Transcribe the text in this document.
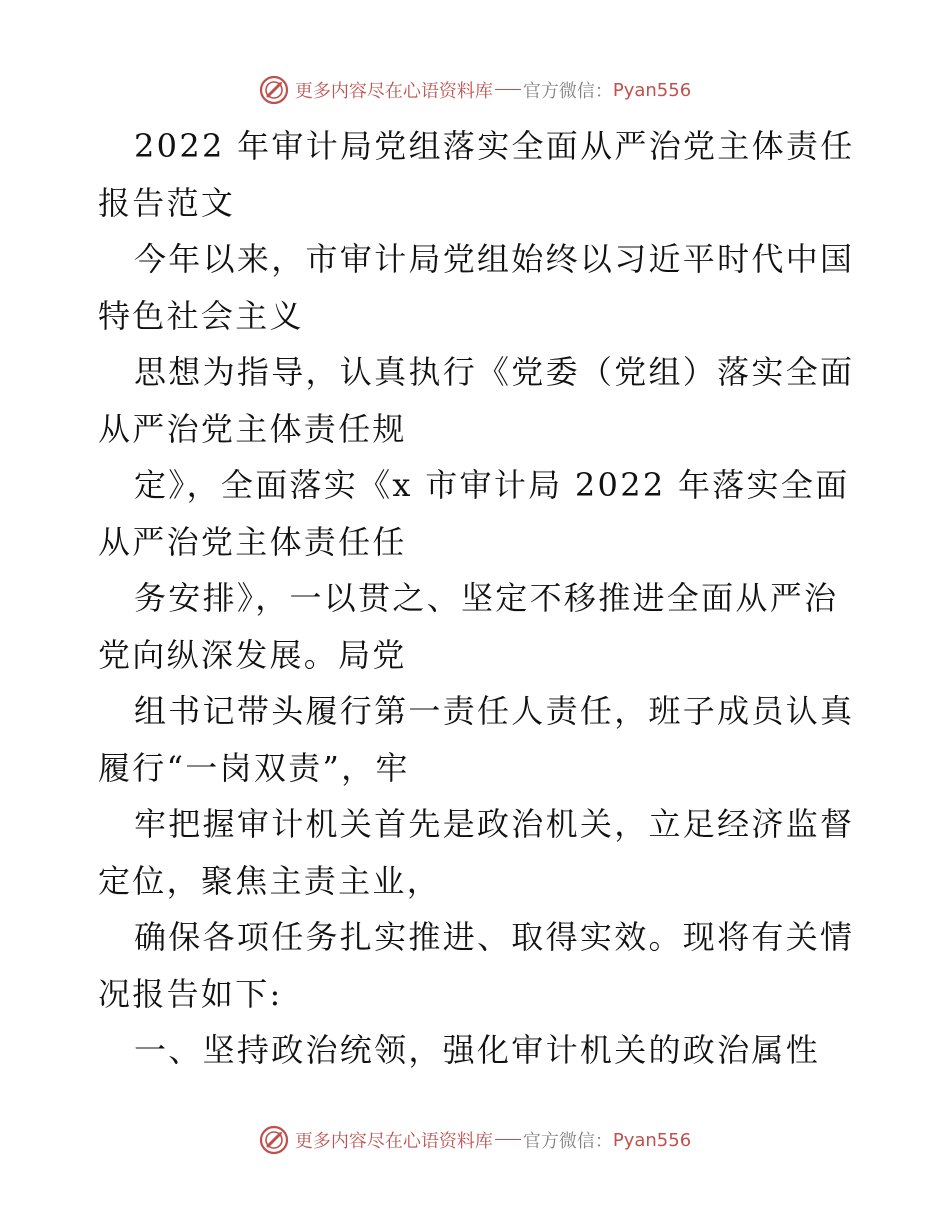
更多内容尽在心语资料库 官方微信： Pyan556

2022 年审计局党组落实全面从严治党主体责任报告范文

今年以来，市审计局党组始终以习近平时代中国特色社会主义

思想为指导，认真执行《党委（党组）落实全面从严治党主体责任规

定》，全面落实《x 市审计局 2022 年落实全面从严治党主体责任任

务安排》，一以贯之、坚定不移推进全面从严治党向纵深发展。局党

组书记带头履行第一责任人责任，班子成员认真履行“一岗双责”，牢

牢把握审计机关首先是政治机关，立足经济监督定位，聚焦主责主业，

确保各项任务扎实推进、取得实效。现将有关情况报告如下:

一、坚持政治统领，强化审计机关的政治属性

更多内容尽在心语资料库 官方微信： Pyan556
